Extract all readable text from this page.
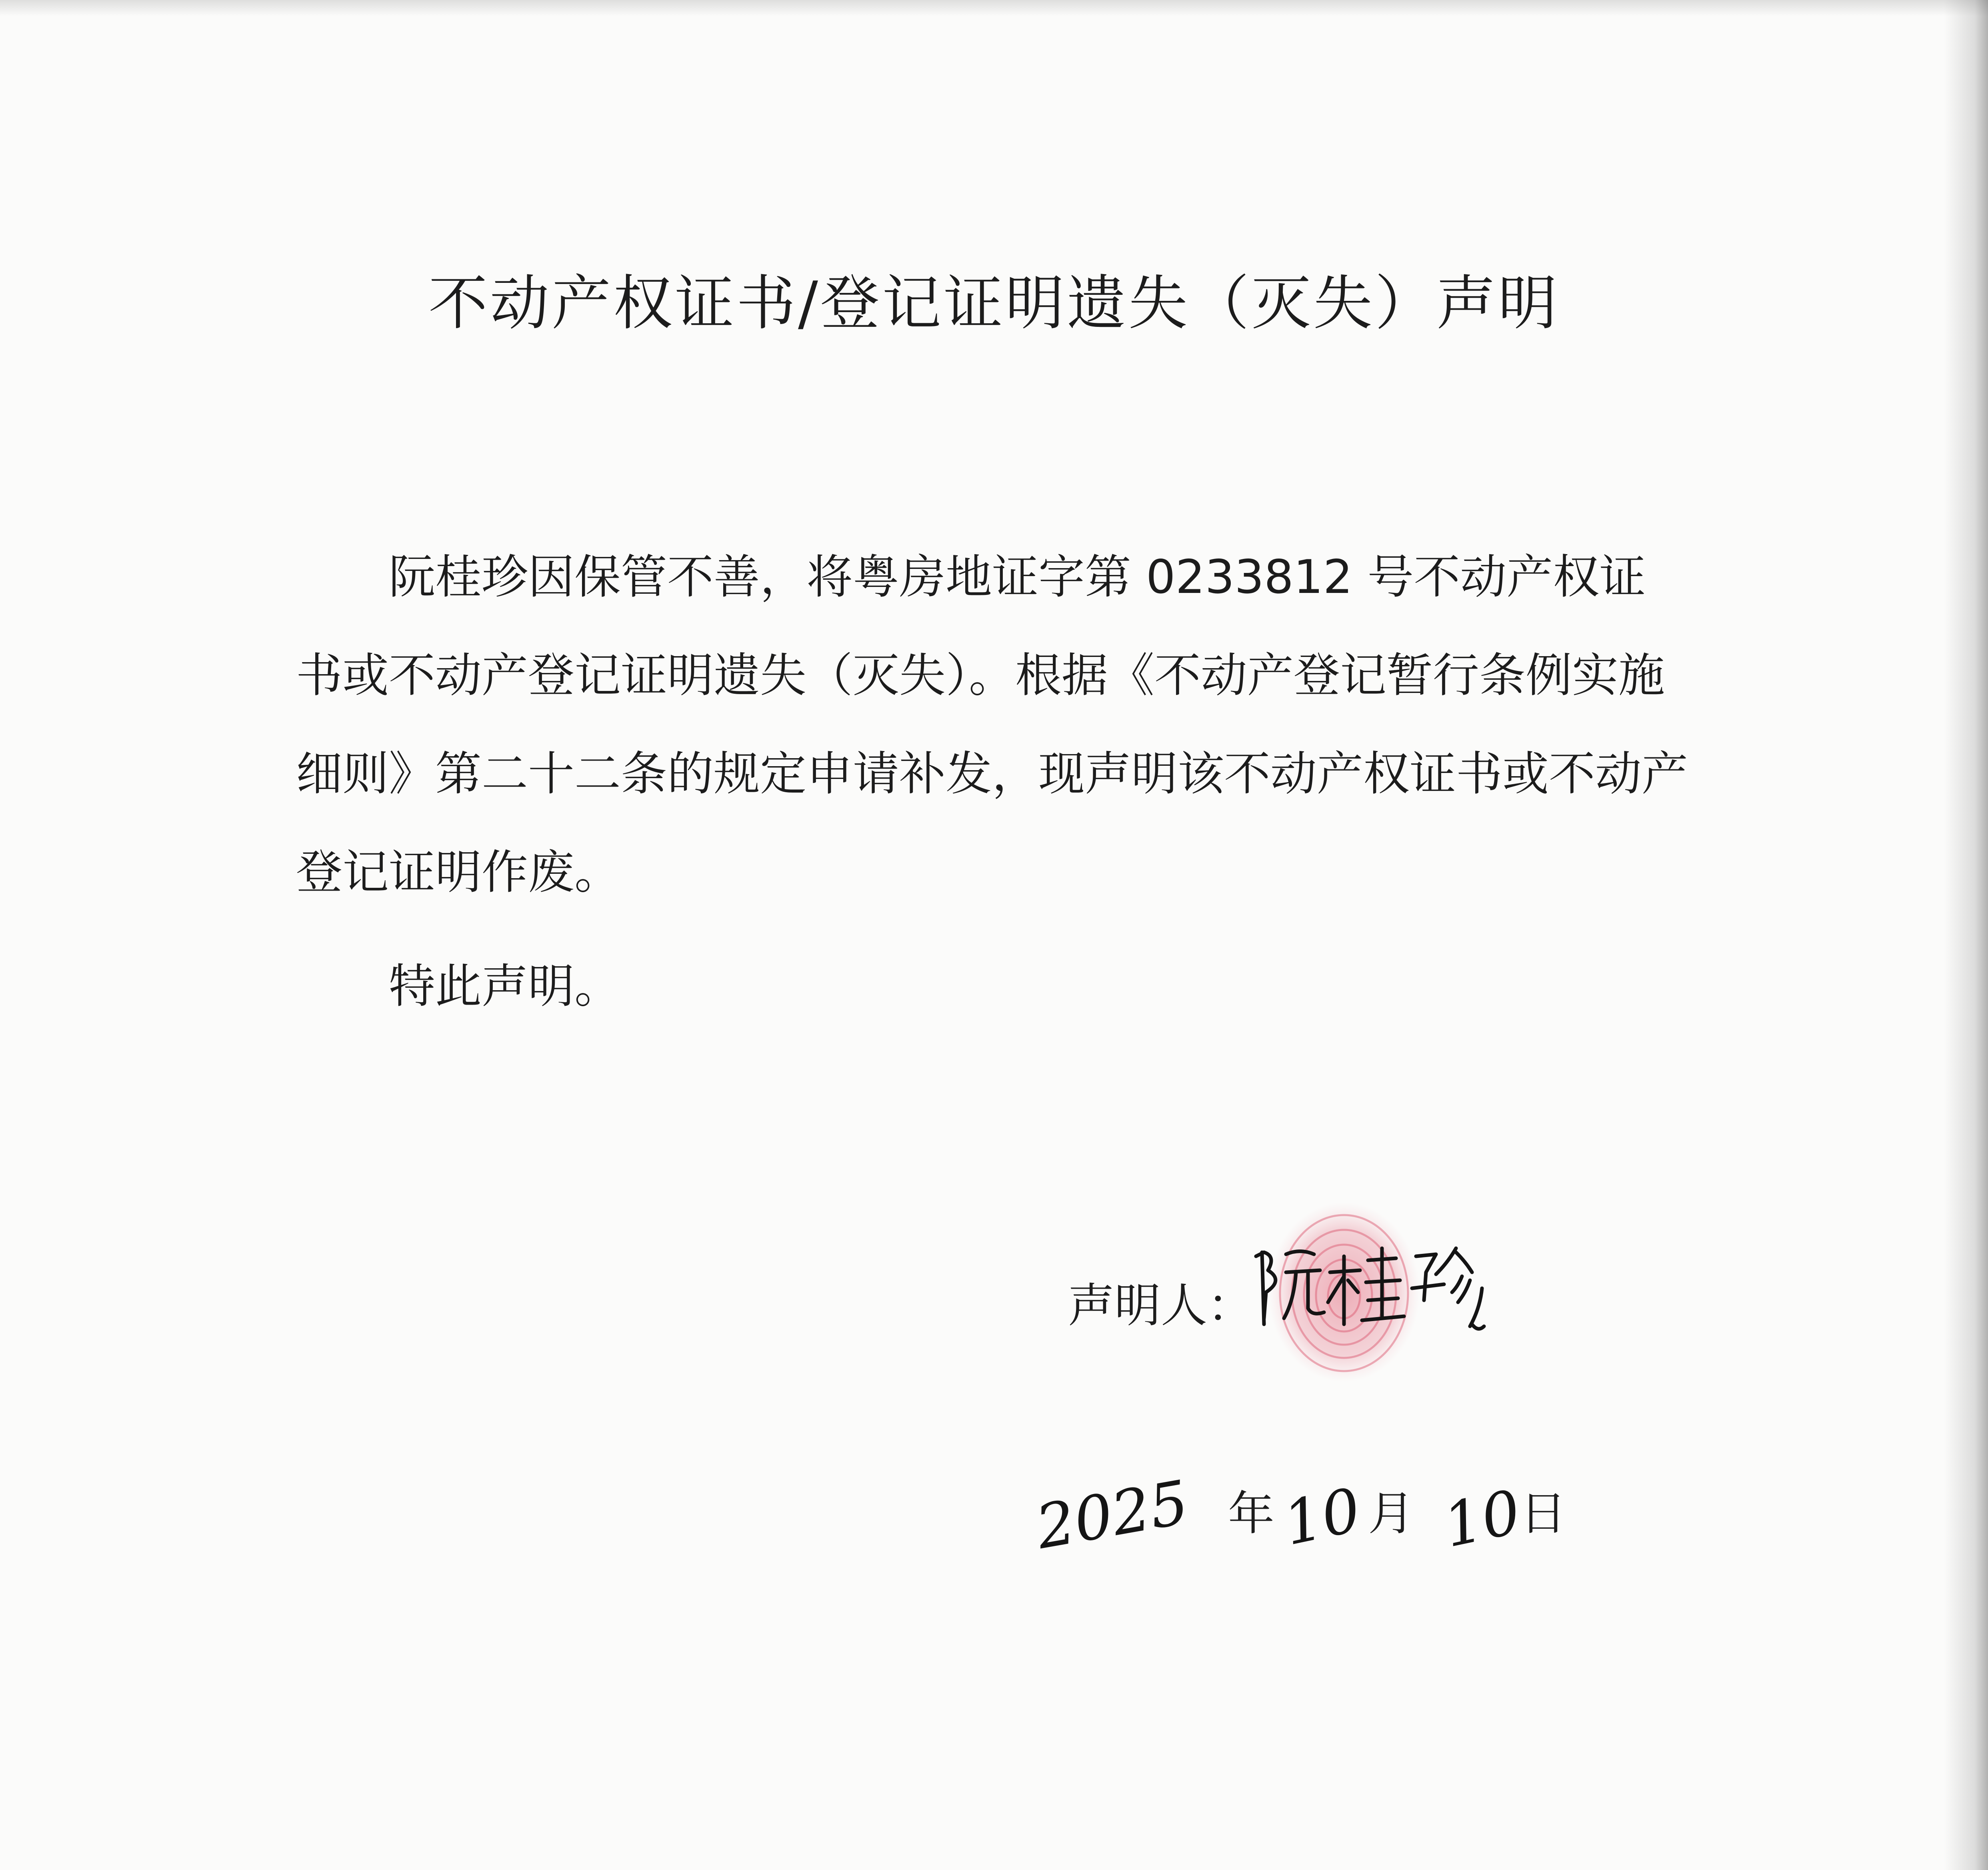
不动产权证书/登记证明遗失（灭失）声明

阮桂珍因保管不善，将粤房地证字第 0233812 号不动产权证书或不动产登记证明遗失（灭失）。根据《不动产登记暂行条例实施细则》第二十二条的规定申请补发，现声明该不动产权证书或不动产登记证明作废。

特此声明。
声明人：
2025 年 10 月 10
日
